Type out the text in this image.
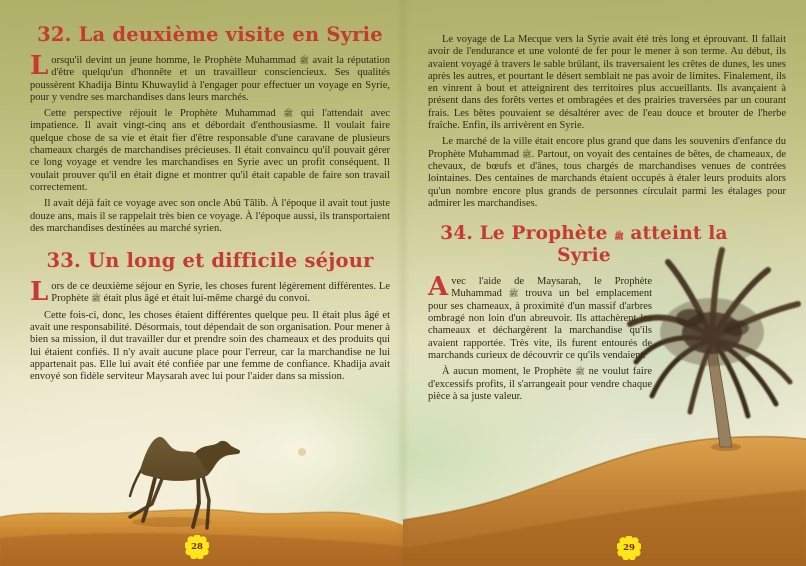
32. La deuxième visite en Syrie

Lorsqu'il devint un jeune homme, le Prophète Muhammad ﷺ avait la réputation d'être quelqu'un d'honnête et un travailleur consciencieux. Ses qualités poussèrent Khadija Bintu Khuwaylid à l'engager pour effectuer un voyage en Syrie, pour y vendre ses marchandises dans leurs marchés.

Cette perspective réjouit le Prophète Muhammad ﷺ qui l'attendait avec impatience. Il avait vingt-cinq ans et débordait d'enthousiasme. Il voulait faire quelque chose de sa vie et était fier d'être responsable d'une caravane de plusieurs chameaux chargés de marchandises précieuses. Il était convaincu qu'il pouvait gérer ce long voyage et vendre les marchandises en Syrie avec un profit conséquent. Il voulait prouver qu'il en était digne et montrer qu'il était capable de faire son travail correctement.

Il avait déjà fait ce voyage avec son oncle Abû Tâlib. À l'époque il avait tout juste douze ans, mais il se rappelait très bien ce voyage. À l'époque aussi, ils transportaient des marchandises destinées au marché syrien.

33. Un long et difficile séjour

Lors de ce deuxième séjour en Syrie, les choses furent légèrement différentes. Le Prophète ﷺ était plus âgé et était lui-même chargé du convoi.

Cette fois-ci, donc, les choses étaient différentes quelque peu. Il était plus âgé et avait une responsabilité. Désormais, tout dépendait de son organisation. Pour mener à bien sa mission, il dut travailler dur et prendre soin des chameaux et des produits qui lui étaient confiés. Il n'y avait aucune place pour l'erreur, car la marchandise ne lui appartenait pas. Elle lui avait été confiée par une femme de confiance. Khadija avait envoyé son fidèle serviteur Maysarah avec lui pour l'aider dans sa mission.

Le voyage de La Mecque vers la Syrie avait été très long et éprouvant. Il fallait avoir de l'endurance et une volonté de fer pour le mener à son terme. Au début, ils avaient voyagé à travers le sable brûlant, ils traversaient les crêtes de dunes, les unes après les autres, et pourtant le désert semblait ne pas avoir de limites. Finalement, ils en vinrent à bout et atteignirent des territoires plus accueillants. Ils avançaient à présent dans des forêts vertes et ombragées et des prairies traversées par un courant frais. Les bêtes pouvaient se désaltérer avec de l'eau douce et brouter de l'herbe fraîche. Enfin, ils arrivèrent en Syrie.

Le marché de la ville était encore plus grand que dans les souvenirs d'enfance du Prophète Muhammad ﷺ. Partout, on voyait des centaines de bêtes, de chameaux, de chevaux, de bœufs et d'ânes, tous chargés de marchandises venues de contrées lointaines. Des centaines de marchands étaient occupés à étaler leurs produits alors qu'un nombre encore plus grands de personnes circulait parmi les étalages pour admirer les marchandises.

34. Le Prophète ﷺ atteint la Syrie

Avec l'aide de Maysarah, le Prophète Muhammad ﷺ trouva un bel emplacement pour ses chameaux, à proximité d'un massif d'arbres ombragé non loin d'un abreuvoir. Ils attachèrent les chameaux et déchargèrent la marchandise qu'ils avaient rapportée. Très vite, ils furent entourés de marchands curieux de découvrir ce qu'ils vendaient.

À aucun moment, le Prophète ﷺ ne voulut faire d'excessifs profits, il s'arrangeait pour vendre chaque pièce à sa juste valeur.

28	29
